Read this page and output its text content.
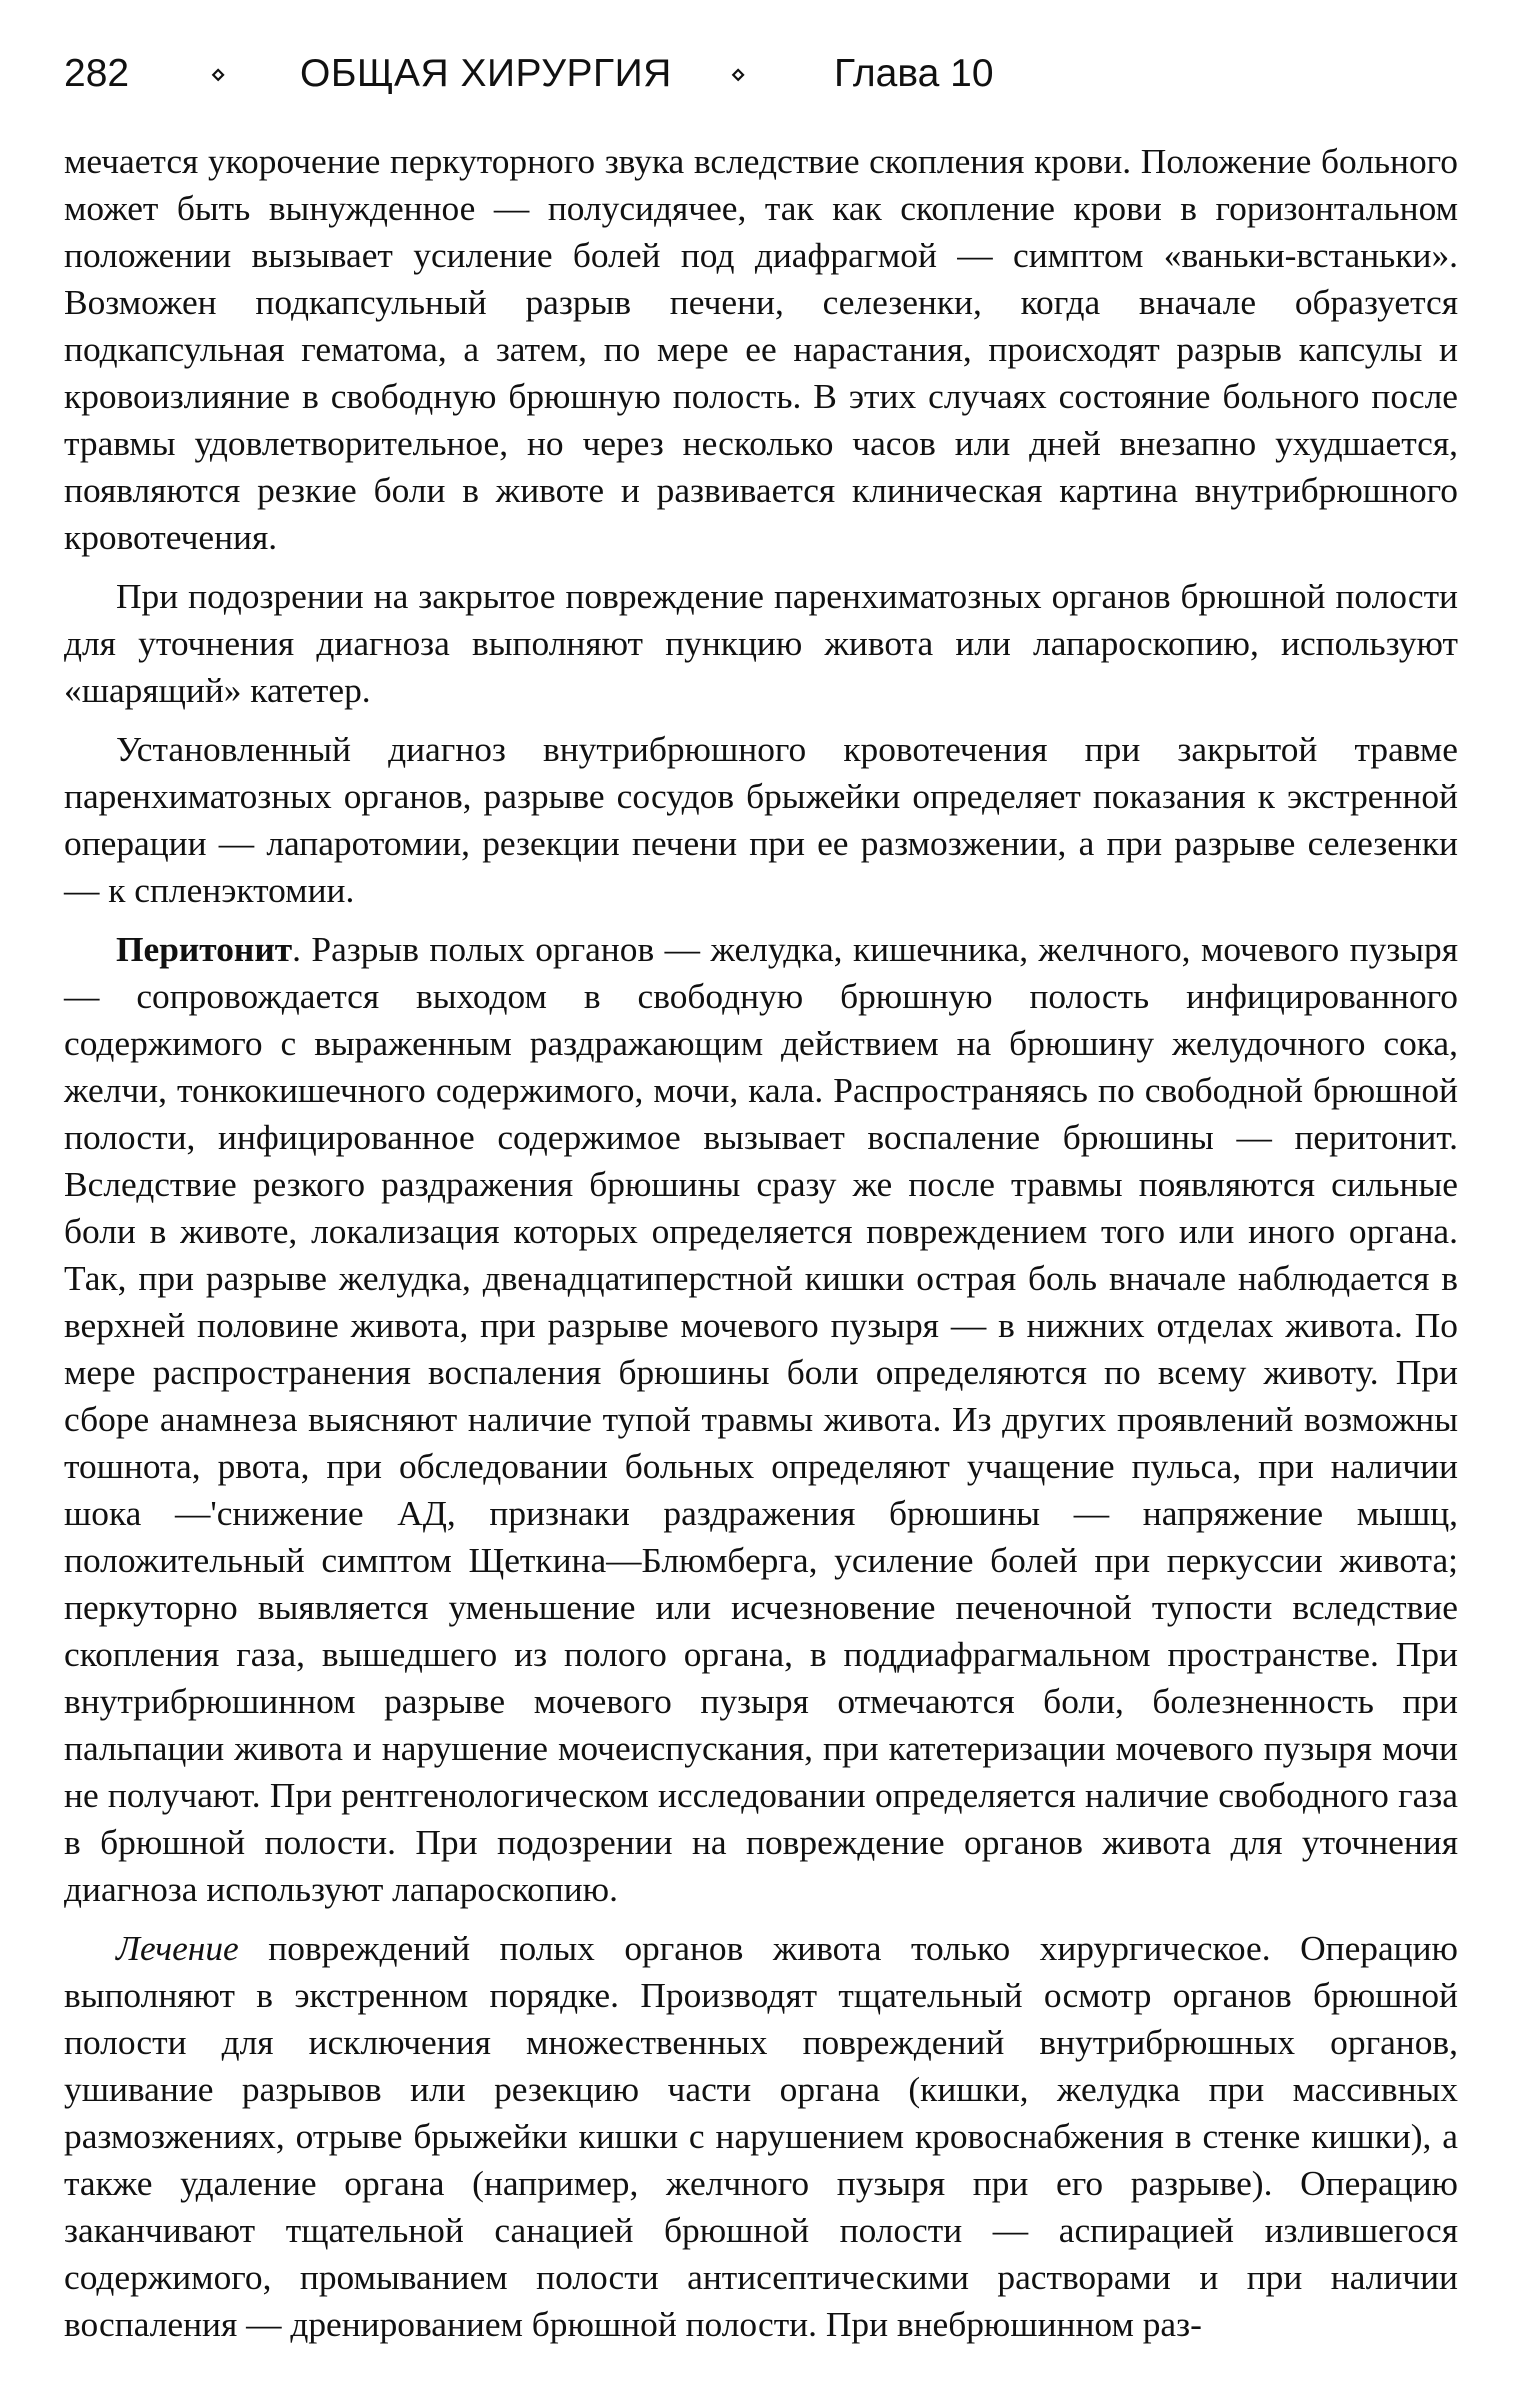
282	⋄ ОБЩАЯ ХИРУРГИЯ ⋄ Глава 10

мечается укорочение перкуторного звука вследствие скопления крови. Положение больного может быть вынужденное — полусидячее, так как скопление крови в горизонтальном положении вызывает усиление болей под диафрагмой — симптом «ваньки-встаньки». Возможен подкапсульный разрыв печени, селезенки, когда вначале образуется подкапсульная гематома, а затем, по мере ее нарастания, происходят разрыв капсулы и кровоизлияние в свободную брюшную полость. В этих случаях состояние больного после травмы удовлетворительное, но через несколько часов или дней внезапно ухудшается, появляются резкие боли в животе и развивается клиническая картина внутрибрюшного кровотечения.

При подозрении на закрытое повреждение паренхиматозных органов брюшной полости для уточнения диагноза выполняют пункцию живота или лапароскопию, используют «шарящий» катетер.

Установленный диагноз внутрибрюшного кровотечения при закрытой травме паренхиматозных органов, разрыве сосудов брыжейки определяет показания к экстренной операции — лапаротомии, резекции печени при ее размозжении, а при разрыве селезенки — к спленэктомии.

Перитонит. Разрыв полых органов — желудка, кишечника, желчного, мочевого пузыря — сопровождается выходом в свободную брюшную полость инфицированного содержимого с выраженным раздражающим действием на брюшину желудочного сока, желчи, тонкокишечного содержимого, мочи, кала. Распространяясь по свободной брюшной полости, инфицированное содержимое вызывает воспаление брюшины — перитонит. Вследствие резкого раздражения брюшины сразу же после травмы появляются сильные боли в животе, локализация которых определяется повреждением того или иного органа. Так, при разрыве желудка, двенадцатиперстной кишки острая боль вначале наблюдается в верхней половине живота, при разрыве мочевого пузыря — в нижних отделах живота. По мере распространения воспаления брюшины боли определяются по всему животу. При сборе анамнеза выясняют наличие тупой травмы живота. Из других проявлений возможны тошнота, рвота, при обследовании больных определяют учащение пульса, при наличии шока —'снижение АД, признаки раздражения брюшины — напряжение мышц, положительный симптом Щеткина—Блюмберга, усиление болей при перкуссии живота; перкуторно выявляется уменьшение или исчезновение печеночной тупости вследствие скопления газа, вышедшего из полого органа, в поддиафрагмальном пространстве. При внутрибрюшинном разрыве мочевого пузыря отмечаются боли, болезненность при пальпации живота и нарушение мочеиспускания, при катетеризации мочевого пузыря мочи не получают. При рентгенологическом исследовании определяется наличие свободного газа в брюшной полости. При подозрении на повреждение органов живота для уточнения диагноза используют лапароскопию.

Лечение повреждений полых органов живота только хирургическое. Операцию выполняют в экстренном порядке. Производят тщательный осмотр органов брюшной полости для исключения множественных повреждений внутрибрюшных органов, ушивание разрывов или резекцию части органа (кишки, желудка при массивных размозжениях, отрыве брыжейки кишки с нарушением кровоснабжения в стенке кишки), а также удаление органа (например, желчного пузыря при его разрыве). Операцию заканчивают тщательной санацией брюшной полости — аспирацией излившегося содержимого, промыванием полости антисептическими растворами и при наличии воспаления — дренированием брюшной полости. При внебрюшинном раз-
